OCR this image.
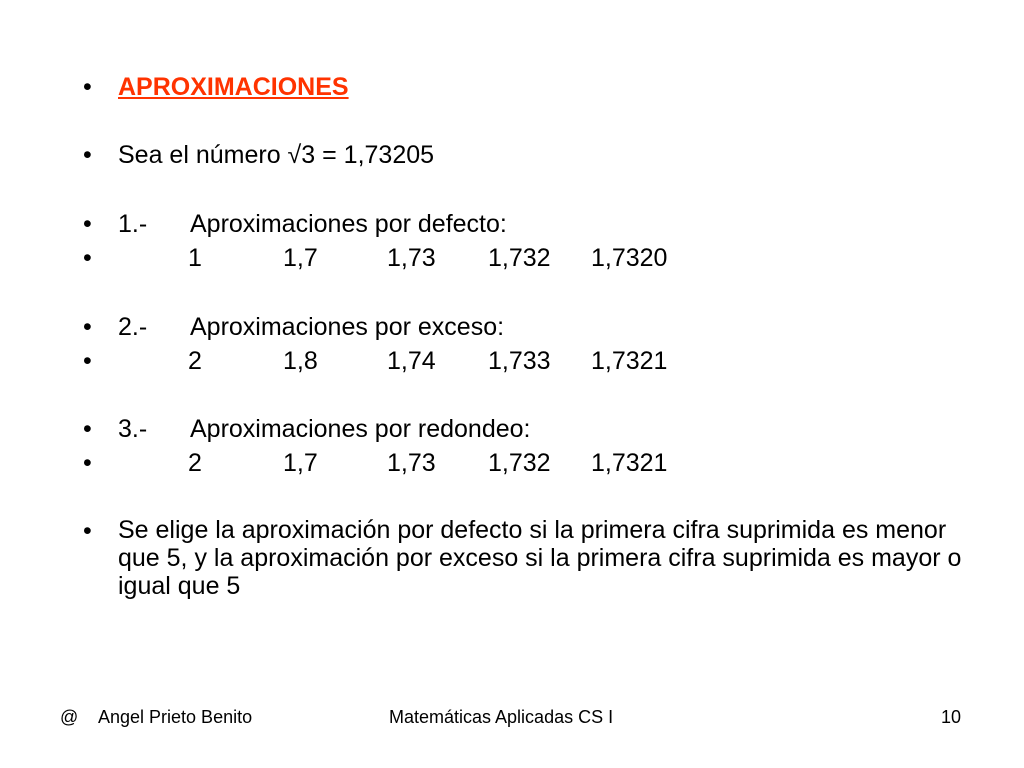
• APROXIMACIONES
• Sea el número √3 = 1,73205
• 1.- Aproximaciones por defecto:
•	1	1,7	1,73 1,732 1,7320
• 2.- Aproximaciones por exceso:
•	2	1,8	1,74 1,733 1,7321
• 3.- Aproximaciones por redondeo:
•	2	1,7	1,73 1,732 1,7321
• Se elige la aproximación por defecto si la primera cifra suprimida es menor que 5, y la aproximación por exceso si la primera cifra suprimida es mayor o igual que 5
@ Angel Prieto Benito	Matemáticas Aplicadas CS I	10
